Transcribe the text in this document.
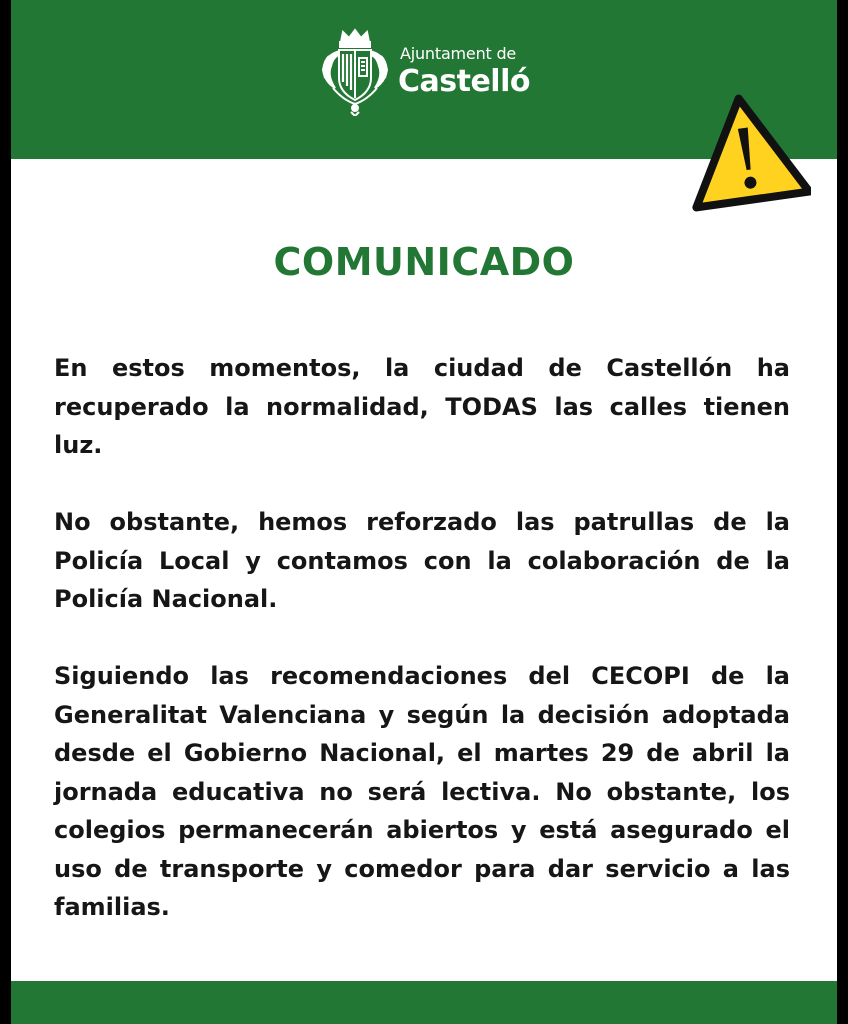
Ajuntament de
Castelló
COMUNICADO
En estos momentos, la ciudad de Castellón ha recuperado la normalidad, TODAS las calles tienen luz.
No obstante, hemos reforzado las patrullas de la Policía Local y contamos con la colaboración de la Policía Nacional.
Siguiendo las recomendaciones del CECOPI de la Generalitat Valenciana y según la decisión adoptada desde el Gobierno Nacional, el martes 29 de abril la jornada educativa no será lectiva. No obstante, los colegios permanecerán abiertos y está asegurado el uso de transporte y comedor para dar servicio a las familias.
